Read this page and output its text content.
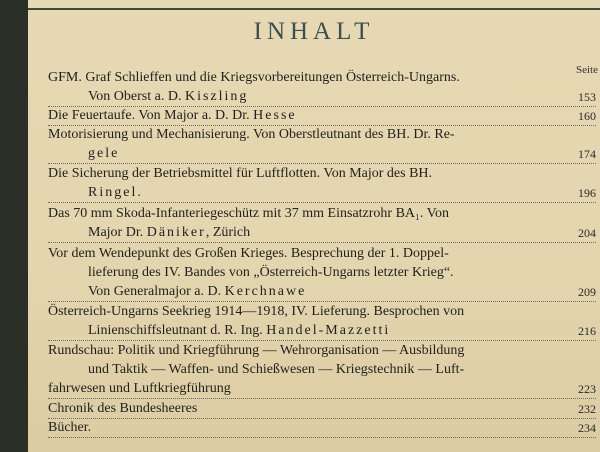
INHALT
Seite
GFM. Graf Schlieffen und die Kriegsvorbereitungen Österreich-Ungarns.
Von Oberst a. D. Kiszling	153
Die Feuertaufe. Von Major a. D. Dr. Hesse	160
Motorisierung und Mechanisierung. Von Oberstleutnant des BH. Dr. Re-
gele	174
Die Sicherung der Betriebsmittel für Luftflotten. Von Major des BH.
Ringel.	196
Das 70 mm Skoda-Infanteriegeschütz mit 37 mm Einsatzrohr BA₁. Von
Major Dr. Däniker, Zürich	204
Vor dem Wendepunkt des Großen Krieges. Besprechung der 1. Doppel-
lieferung des IV. Bandes von „Österreich-Ungarns letzter Krieg“.
Von Generalmajor a. D. Kerchnawe	209
Österreich-Ungarns Seekrieg 1914—1918, IV. Lieferung. Besprochen von
Linienschiffsleutnant d. R. Ing. Handel-Mazzetti	216
Rundschau: Politik und Kriegführung — Wehrorganisation — Ausbildung
und Taktik — Waffen- und Schießwesen — Kriegstechnik — Luft-
fahrwesen und Luftkriegführung	223
Chronik des Bundesheeres	232
Bücher.	234
